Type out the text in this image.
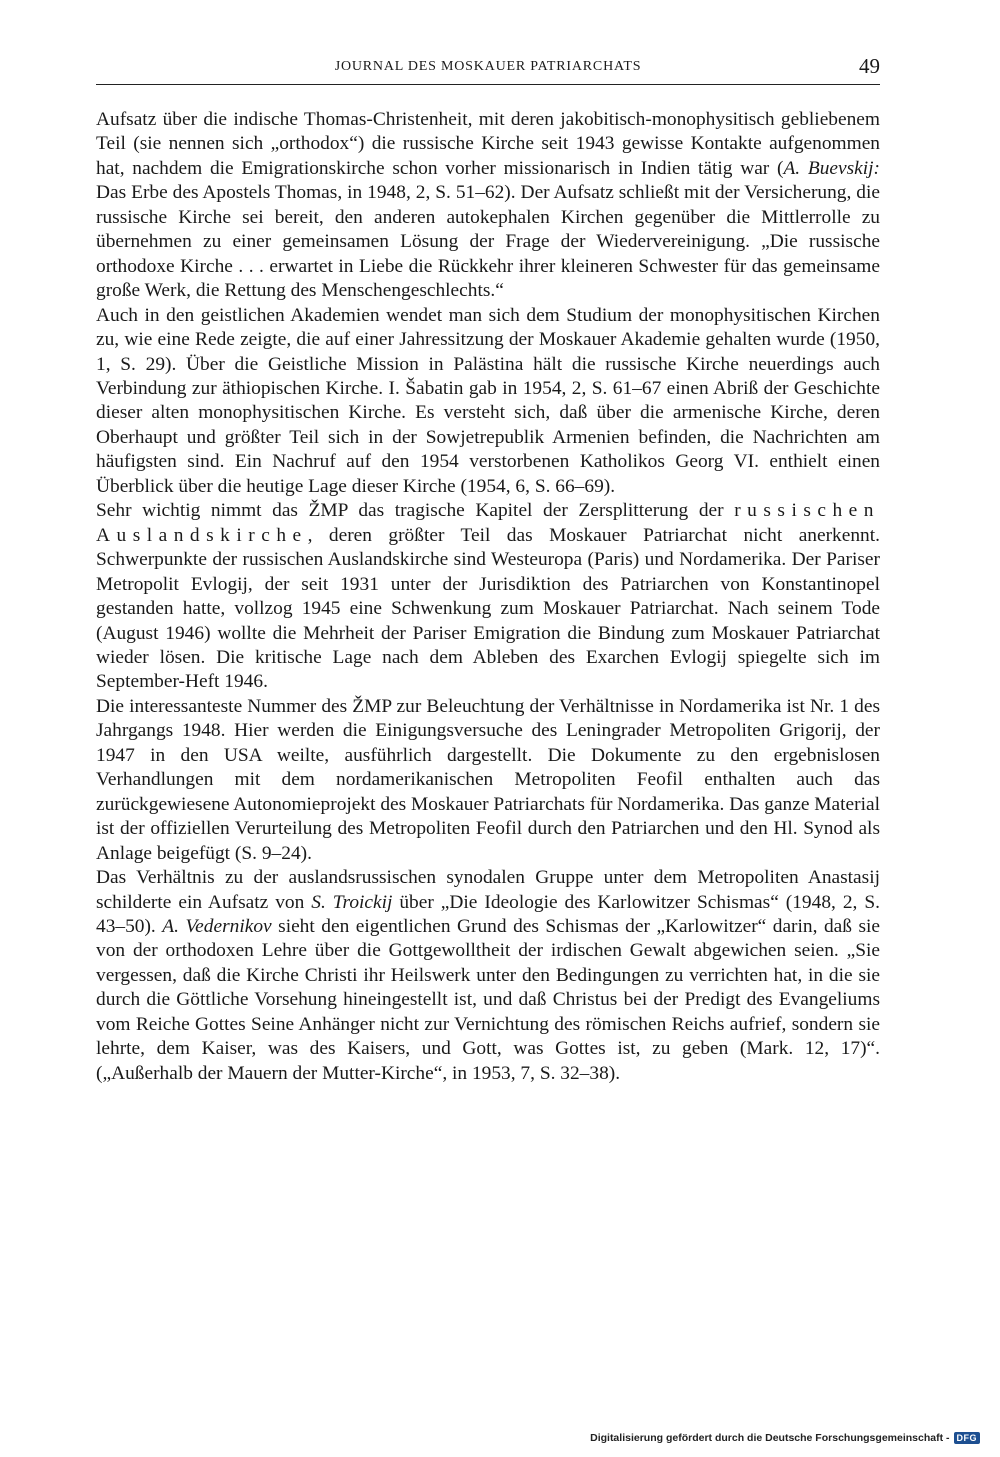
JOURNAL DES MOSKAUER PATRIARCHATS	49

Aufsatz über die indische Thomas-Christenheit, mit deren jakobitisch-monophysitisch gebliebenem Teil (sie nennen sich „orthodox“) die russische Kirche seit 1943 gewisse Kontakte aufgenommen hat, nachdem die Emigrationskirche schon vorher missionarisch in Indien tätig war (A. Buevskij: Das Erbe des Apostels Thomas, in 1948, 2, S. 51–62). Der Aufsatz schließt mit der Versicherung, die russische Kirche sei bereit, den anderen autokephalen Kirchen gegenüber die Mittlerrolle zu übernehmen zu einer gemeinsamen Lösung der Frage der Wiedervereinigung. „Die russische orthodoxe Kirche . . . erwartet in Liebe die Rückkehr ihrer kleineren Schwester für das gemeinsame große Werk, die Rettung des Menschengeschlechts.“

Auch in den geistlichen Akademien wendet man sich dem Studium der monophysitischen Kirchen zu, wie eine Rede zeigte, die auf einer Jahressitzung der Moskauer Akademie gehalten wurde (1950, 1, S. 29). Über die Geistliche Mission in Palästina hält die russische Kirche neuerdings auch Verbindung zur äthiopischen Kirche. I. Šabatin gab in 1954, 2, S. 61–67 einen Abriß der Geschichte dieser alten monophysitischen Kirche. Es versteht sich, daß über die armenische Kirche, deren Oberhaupt und größter Teil sich in der Sowjetrepublik Armenien befinden, die Nachrichten am häufigsten sind. Ein Nachruf auf den 1954 verstorbenen Katholikos Georg VI. enthielt einen Überblick über die heutige Lage dieser Kirche (1954, 6, S. 66–69).

Sehr wichtig nimmt das ŽMP das tragische Kapitel der Zersplitterung der russischen Auslandskirche, deren größter Teil das Moskauer Patriarchat nicht anerkennt. Schwerpunkte der russischen Auslandskirche sind Westeuropa (Paris) und Nordamerika. Der Pariser Metropolit Evlogij, der seit 1931 unter der Jurisdiktion des Patriarchen von Konstantinopel gestanden hatte, vollzog 1945 eine Schwenkung zum Moskauer Patriarchat. Nach seinem Tode (August 1946) wollte die Mehrheit der Pariser Emigration die Bindung zum Moskauer Patriarchat wieder lösen. Die kritische Lage nach dem Ableben des Exarchen Evlogij spiegelte sich im September-Heft 1946.

Die interessanteste Nummer des ŽMP zur Beleuchtung der Verhältnisse in Nordamerika ist Nr. 1 des Jahrgangs 1948. Hier werden die Einigungsversuche des Leningrader Metropoliten Grigorij, der 1947 in den USA weilte, ausführlich dargestellt. Die Dokumente zu den ergebnislosen Verhandlungen mit dem nordamerikanischen Metropoliten Feofil enthalten auch das zurückgewiesene Autonomieprojekt des Moskauer Patriarchats für Nordamerika. Das ganze Material ist der offiziellen Verurteilung des Metropoliten Feofil durch den Patriarchen und den Hl. Synod als Anlage beigefügt (S. 9–24).

Das Verhältnis zu der auslandsrussischen synodalen Gruppe unter dem Metropoliten Anastasij schilderte ein Aufsatz von S. Troickij über „Die Ideologie des Karlowitzer Schismas“ (1948, 2, S. 43–50). A. Vedernikov sieht den eigentlichen Grund des Schismas der „Karlowitzer“ darin, daß sie von der orthodoxen Lehre über die Gottgewolltheit der irdischen Gewalt abgewichen seien. „Sie vergessen, daß die Kirche Christi ihr Heilswerk unter den Bedingungen zu verrichten hat, in die sie durch die Göttliche Vorsehung hineingestellt ist, und daß Christus bei der Predigt des Evangeliums vom Reiche Gottes Seine Anhänger nicht zur Vernichtung des römischen Reichs aufrief, sondern sie lehrte, dem Kaiser, was des Kaisers, und Gott, was Gottes ist, zu geben (Mark. 12, 17)“. („Außerhalb der Mauern der Mutter-Kirche“, in 1953, 7, S. 32–38).

Digitalisierung gefördert durch die Deutsche Forschungsgemeinschaft - DFG
